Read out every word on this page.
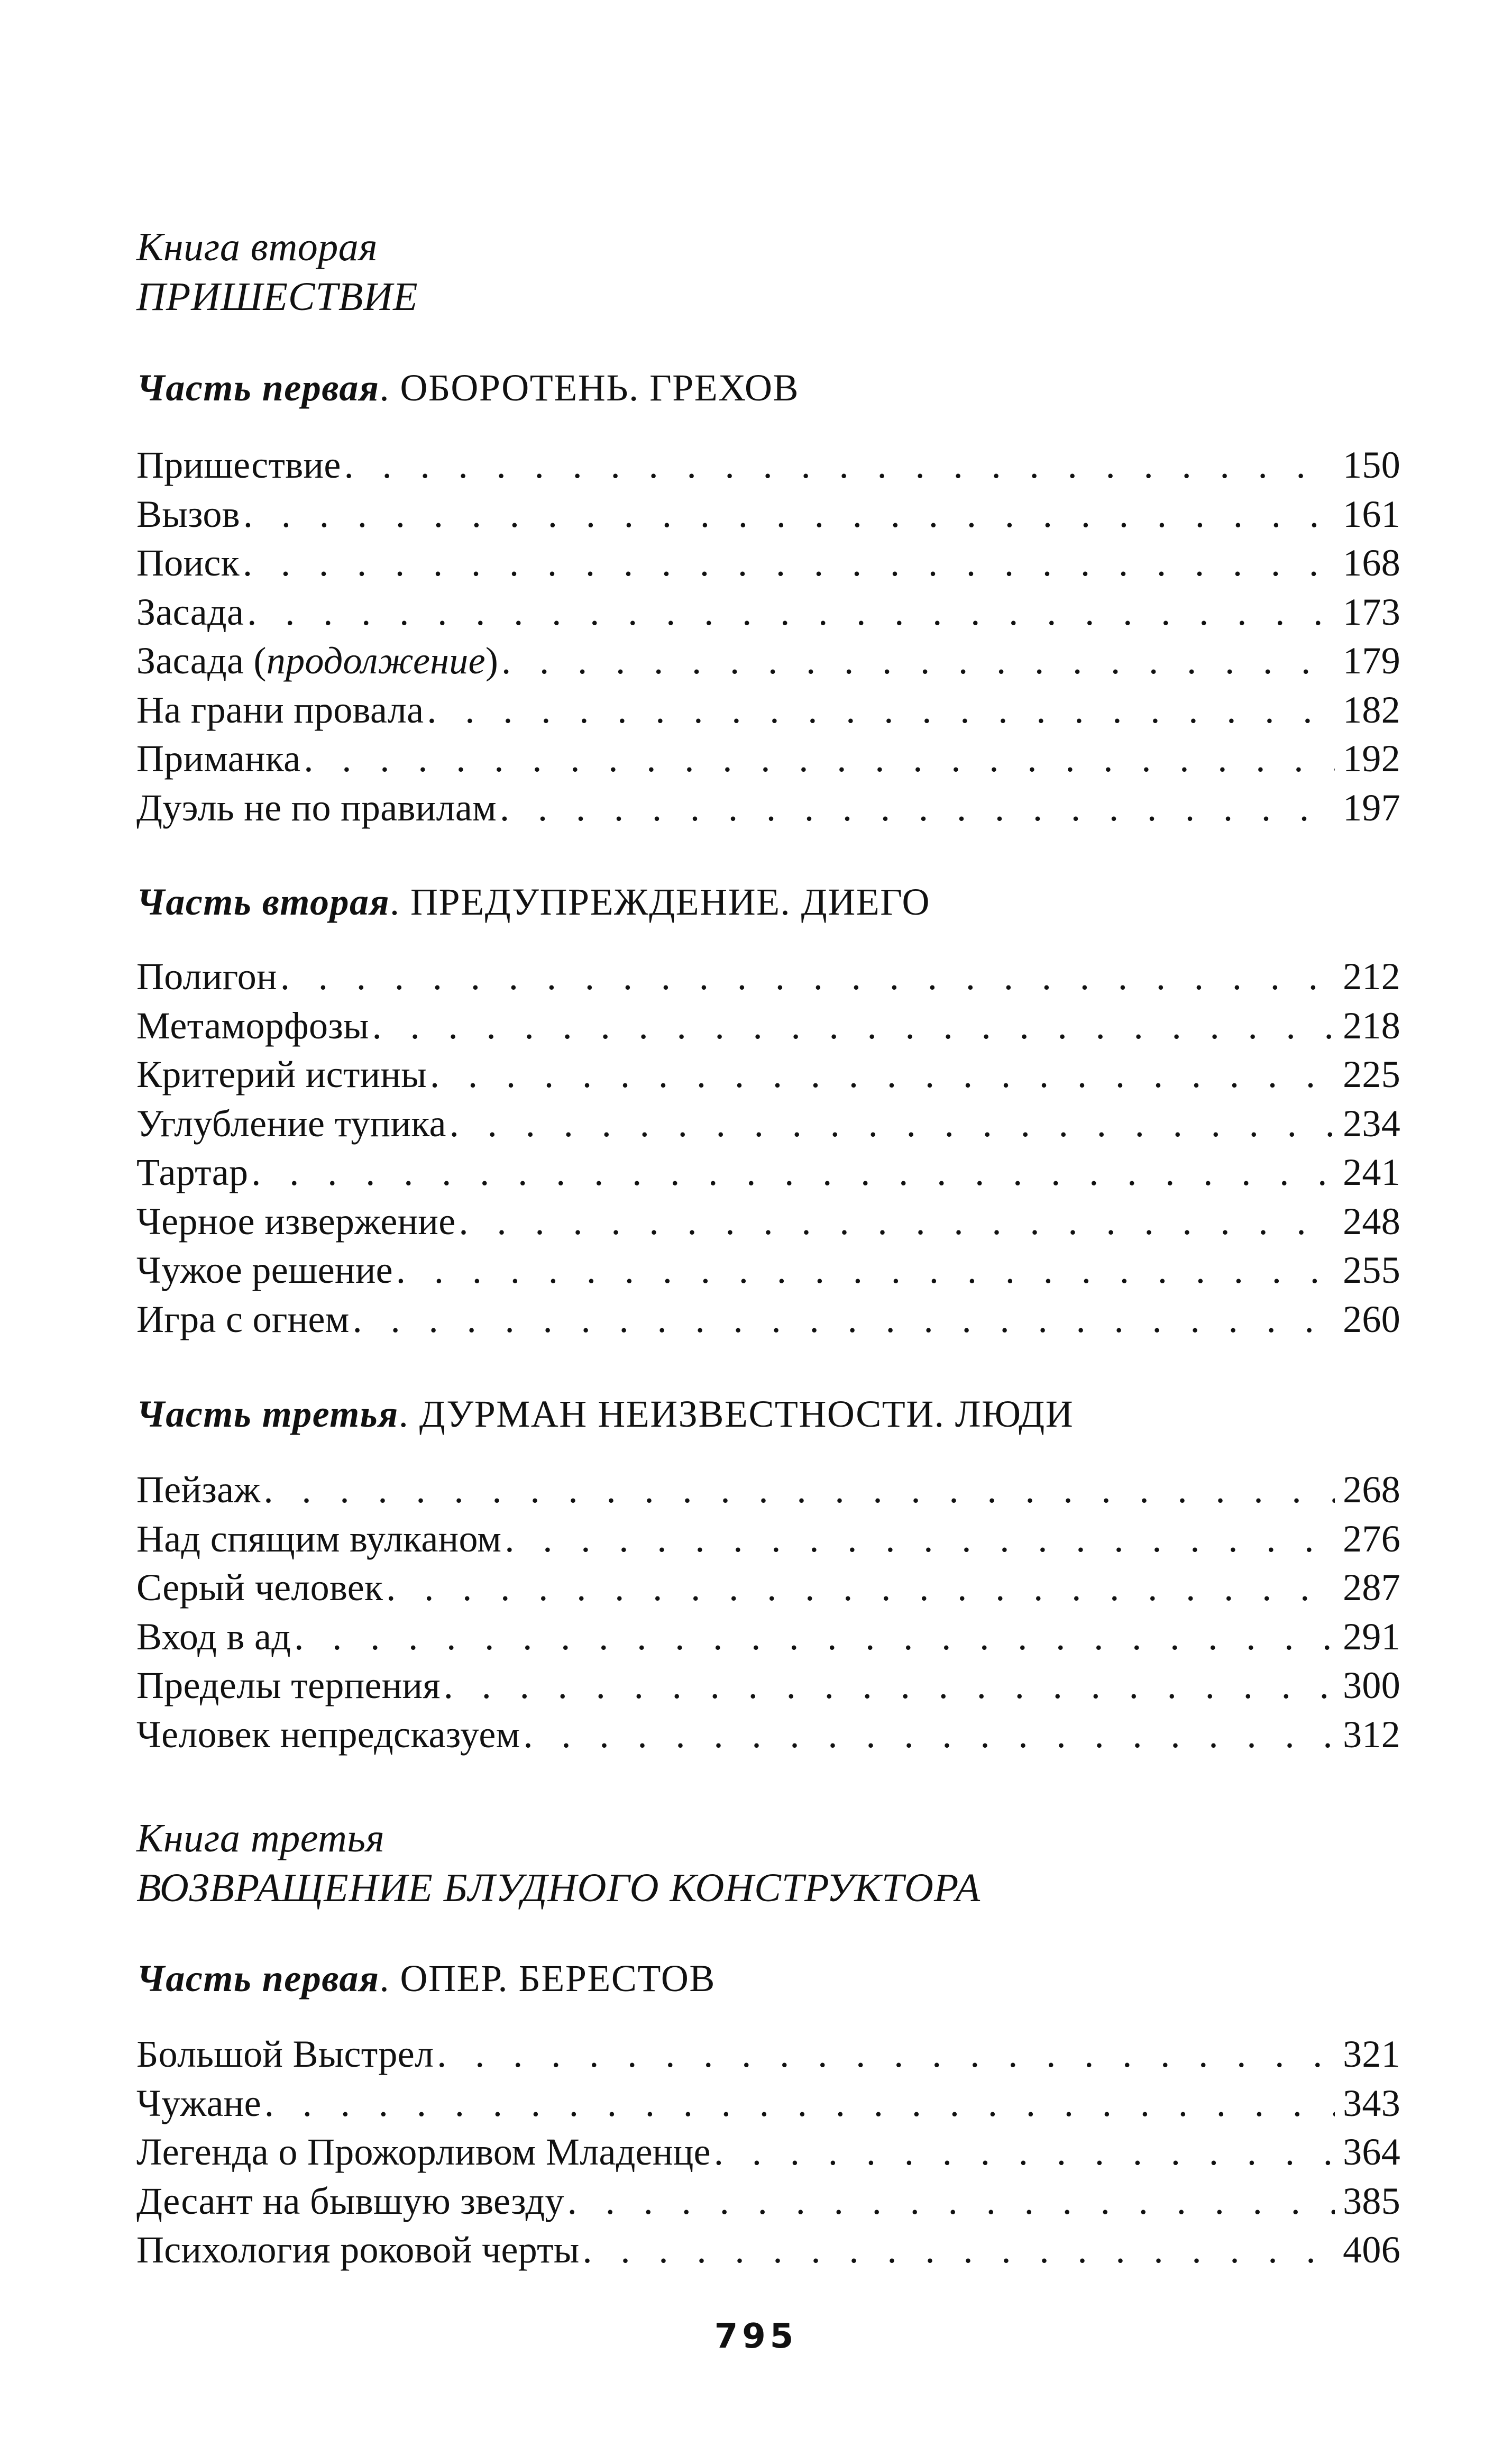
Книга вторая

ПРИШЕСТВИЕ

Часть первая. ОБОРОТЕНЬ. ГРЕХОВ

Пришествие . . .	150
Вызов . . .	161
Поиск . . .	168
Засада . . .	173
Засада (продолжение) . . .	179
На грани провала . . .	182
Приманка . . .	192
Дуэль не по правилам . . .	197

Часть вторая. ПРЕДУПРЕЖДЕНИЕ. ДИЕГО

Полигон . . .	212
Метаморфозы . . .	218
Критерий истины . . .	225
Углубление тупика . . .	234
Тартар . . .	241
Черное извержение . . .	248
Чужое решение . . .	255
Игра с огнем . . .	260

Часть третья. ДУРМАН НЕИЗВЕСТНОСТИ. ЛЮДИ

Пейзаж . . .	268
Над спящим вулканом . . .	276
Серый человек . . .	287
Вход в ад . . .	291
Пределы терпения . . .	300
Человек непредсказуем . . .	312

Книга третья

ВОЗВРАЩЕНИЕ БЛУДНОГО КОНСТРУКТОРА

Часть первая. ОПЕР. БЕРЕСТОВ

Большой Выстрел . . .	321
Чужане . . .	343
Легенда о Прожорливом Младенце . . .	364
Десант на бывшую звезду . . .	385
Психология роковой черты . . .	406
795
